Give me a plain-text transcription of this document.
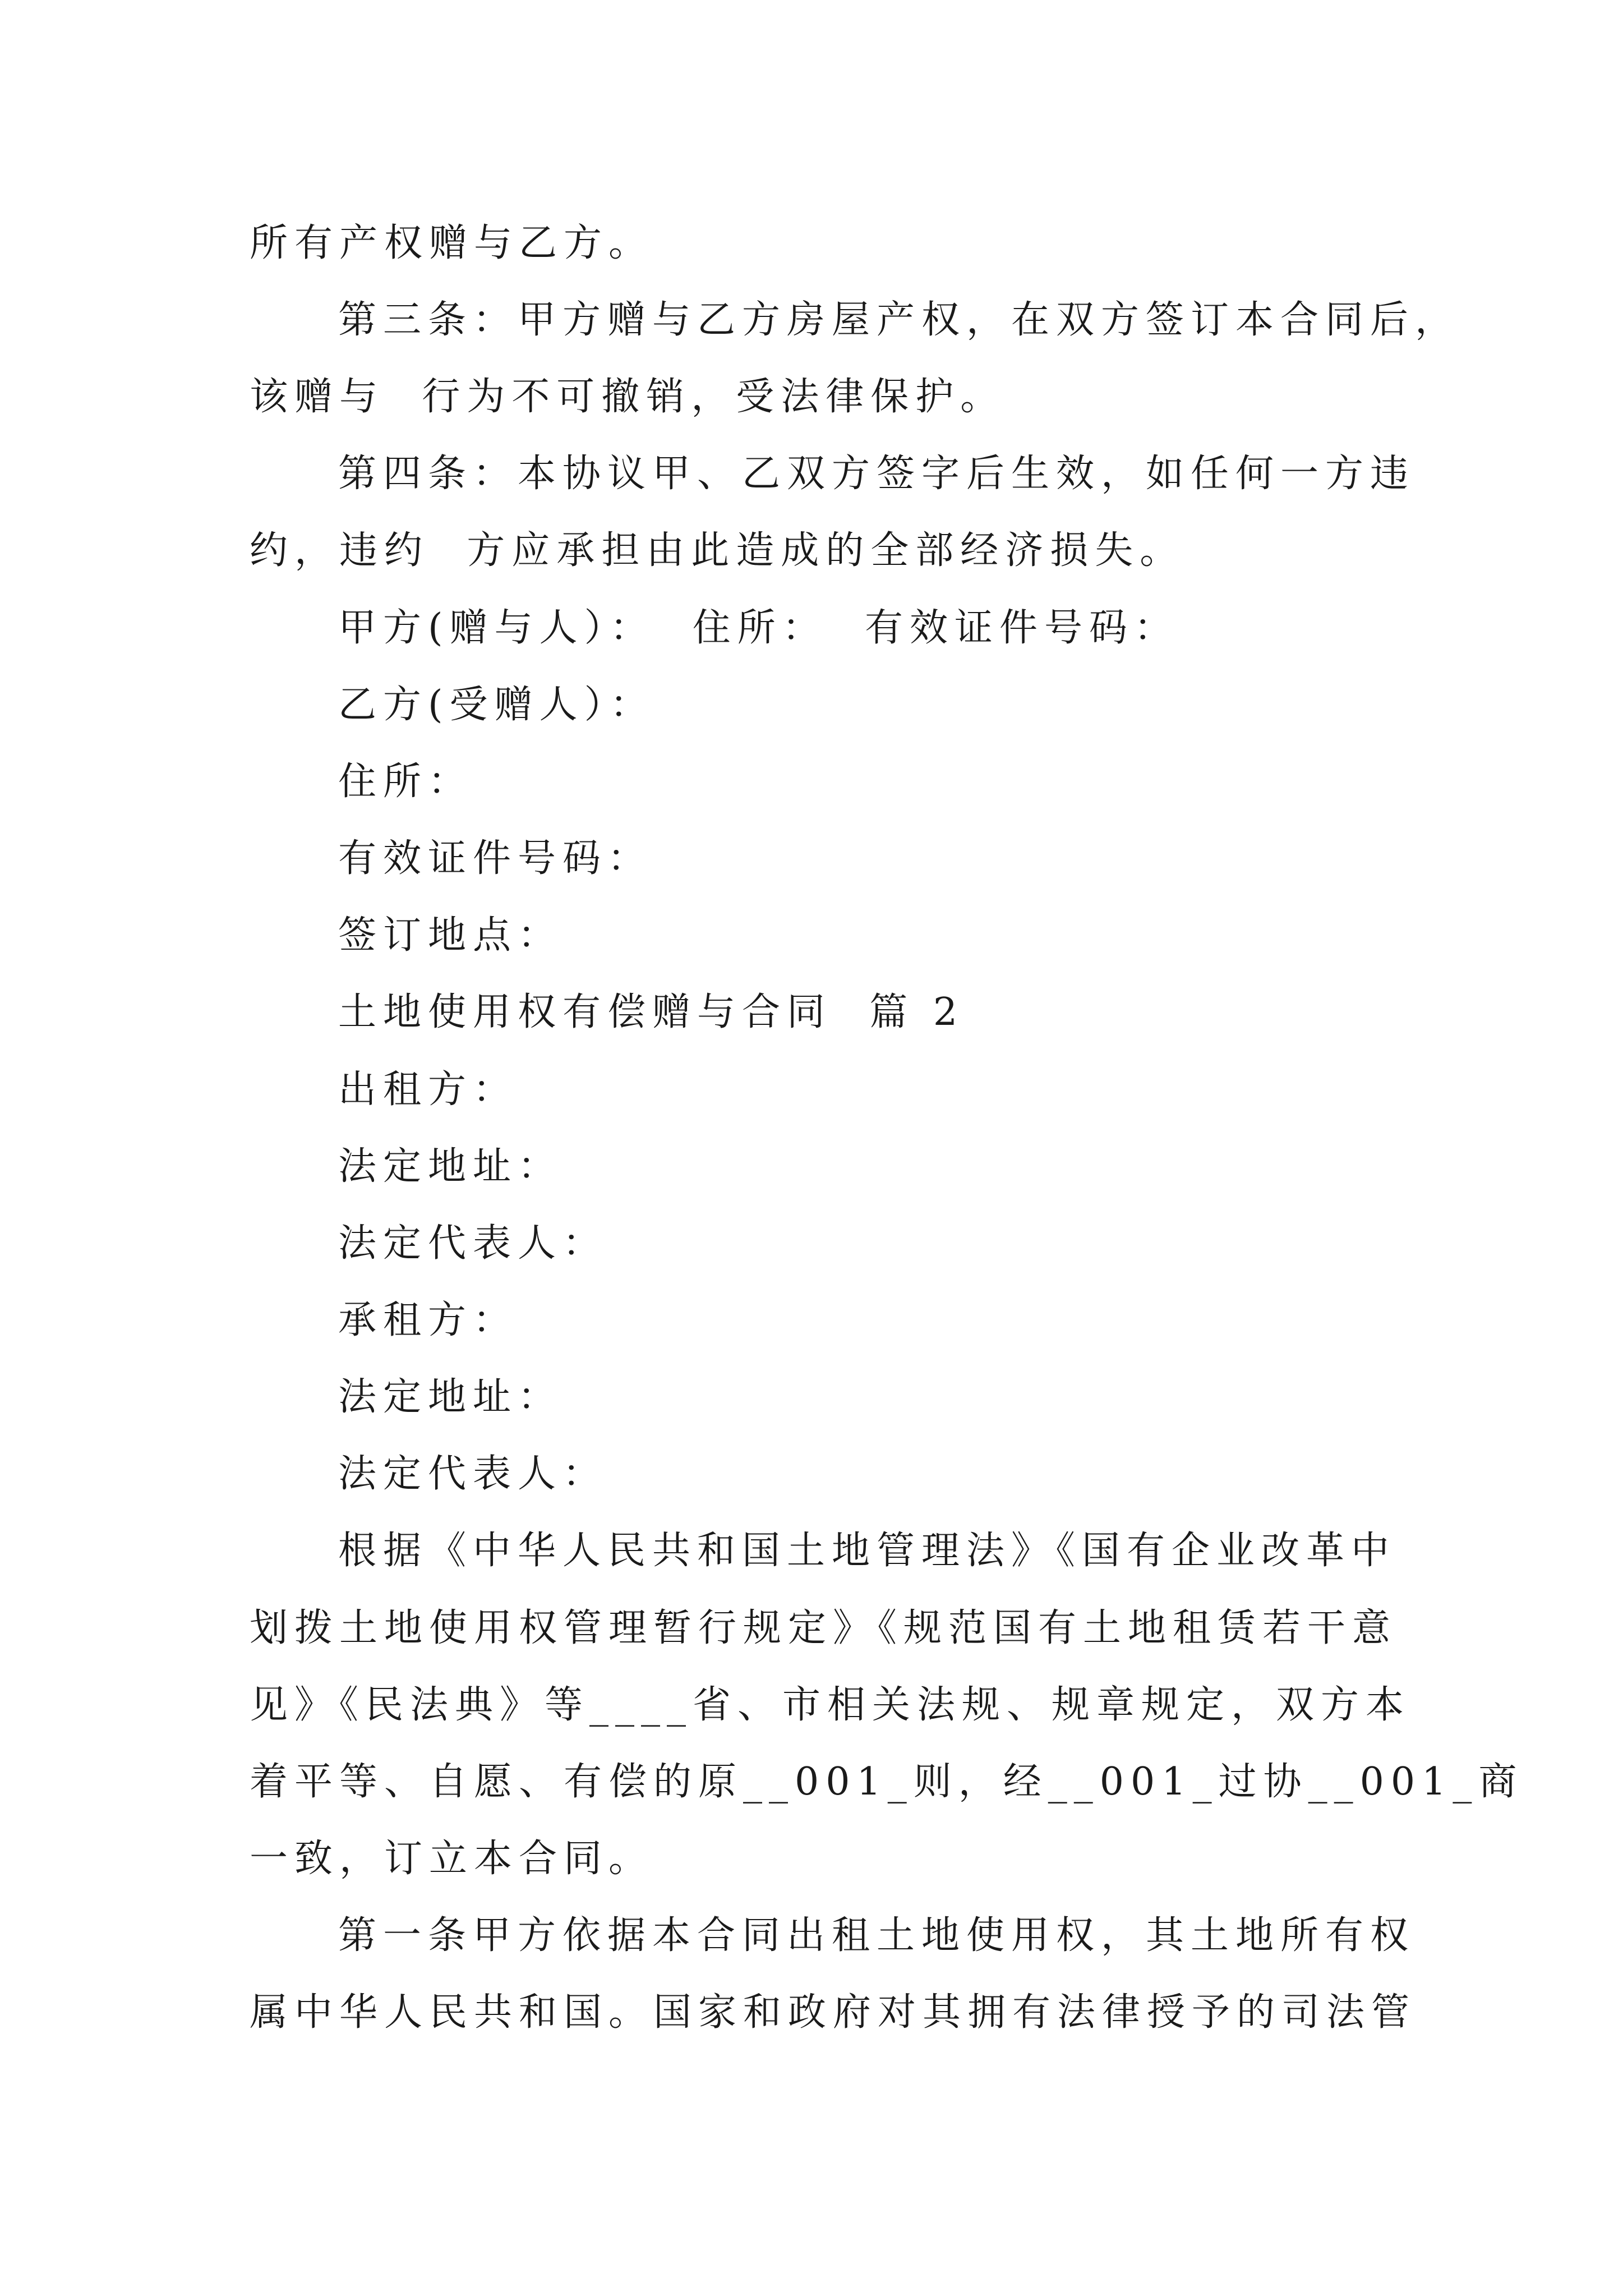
所有产权赠与乙方。
第三条：甲方赠与乙方房屋产权，在双方签订本合同后，
该赠与  行为不可撤销，受法律保护。
第四条：本协议甲、乙双方签字后生效，如任何一方违
约，违约  方应承担由此造成的全部经济损失。
甲方(赠与人）：  住所：  有效证件号码：
乙方(受赠人）：
住所：
有效证件号码：
签订地点：
土地使用权有偿赠与合同  篇 2
出租方：
法定地址：
法定代表人：
承租方：
法定地址：
法定代表人：
根据《中华人民共和国土地管理法》《国有企业改革中
划拨土地使用权管理暂行规定》《规范国有土地租赁若干意
见》《民法典》等____省、市相关法规、规章规定，双方本
着平等、自愿、有偿的原__001_则，经__001_过协__001_商
一致，订立本合同。
第一条甲方依据本合同出租土地使用权，其土地所有权
属中华人民共和国。国家和政府对其拥有法律授予的司法管
